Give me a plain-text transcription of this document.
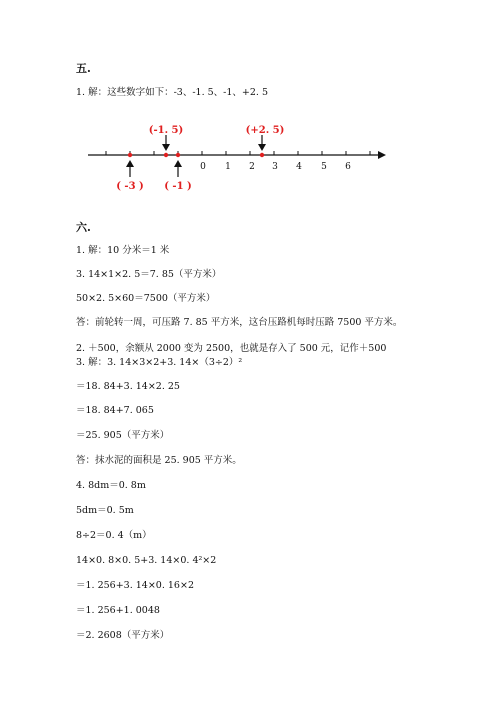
五.

1. 解：这些数字如下：-3、-1. 5、-1、+2. 5

0 1 2 3 4 5 6
(-1. 5)	(+2. 5)
( -3 ) ( -1 )

六.

1. 解：10 分米＝1 米

3. 14×1×2. 5＝7. 85（平方米）

50×2. 5×60＝7500（平方米）

答：前轮转一周，可压路 7. 85 平方米，这台压路机每时压路 7500 平方米。

2. ＋500，余额从 2000 变为 2500，也就是存入了 500 元，记作＋500

3. 解：3. 14×3×2+3. 14×（3÷2）²

＝18. 84+3. 14×2. 25

＝18. 84+7. 065

＝25. 905（平方米）

答：抹水泥的面积是 25. 905 平方米。

4. 8dm＝0. 8m

5dm＝0. 5m

8÷2＝0. 4（m）

14×0. 8×0. 5+3. 14×0. 4²×2

＝1. 256+3. 14×0. 16×2

＝1. 256+1. 0048

＝2. 2608（平方米）
